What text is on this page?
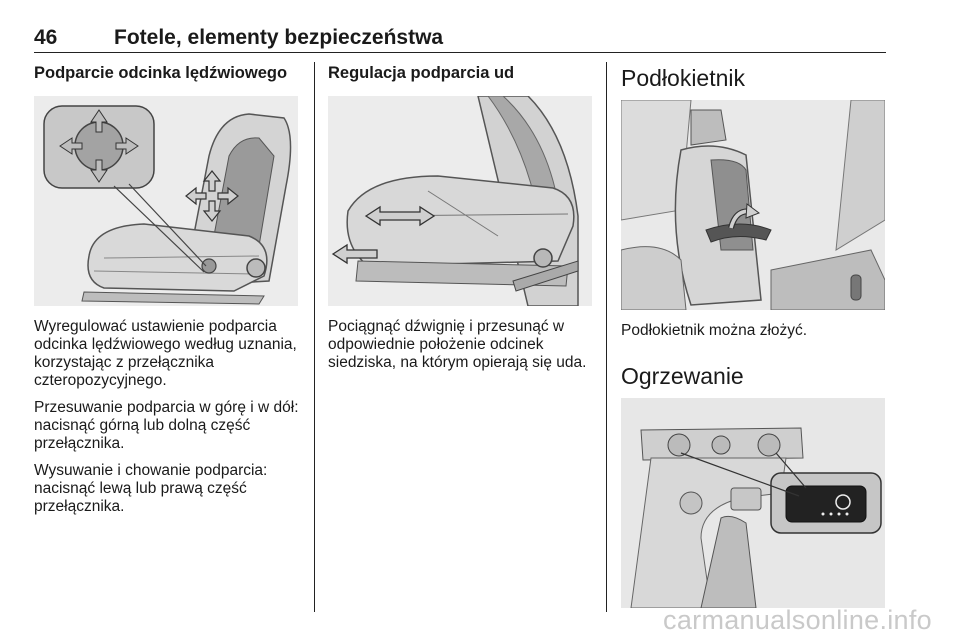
46	Fotele, elementy bezpieczeństwa

Podparcie odcinka lędźwiowego

Wyregulować ustawienie podparcia odcinka lędźwiowego według uznania, korzystając z przełącznika czteropozycyjnego.

Przesuwanie podparcia w górę i w dół: nacisnąć górną lub dolną część przełącznika.

Wysuwanie i chowanie podparcia: nacisnąć lewą lub prawą część przełącznika.

Regulacja podparcia ud

Pociągnąć dźwignię i przesunąć w odpowiednie położenie odcinek siedziska, na którym opierają się uda.

Podłokietnik

Podłokietnik można złożyć.

Ogrzewanie

carmanualsonline.info
